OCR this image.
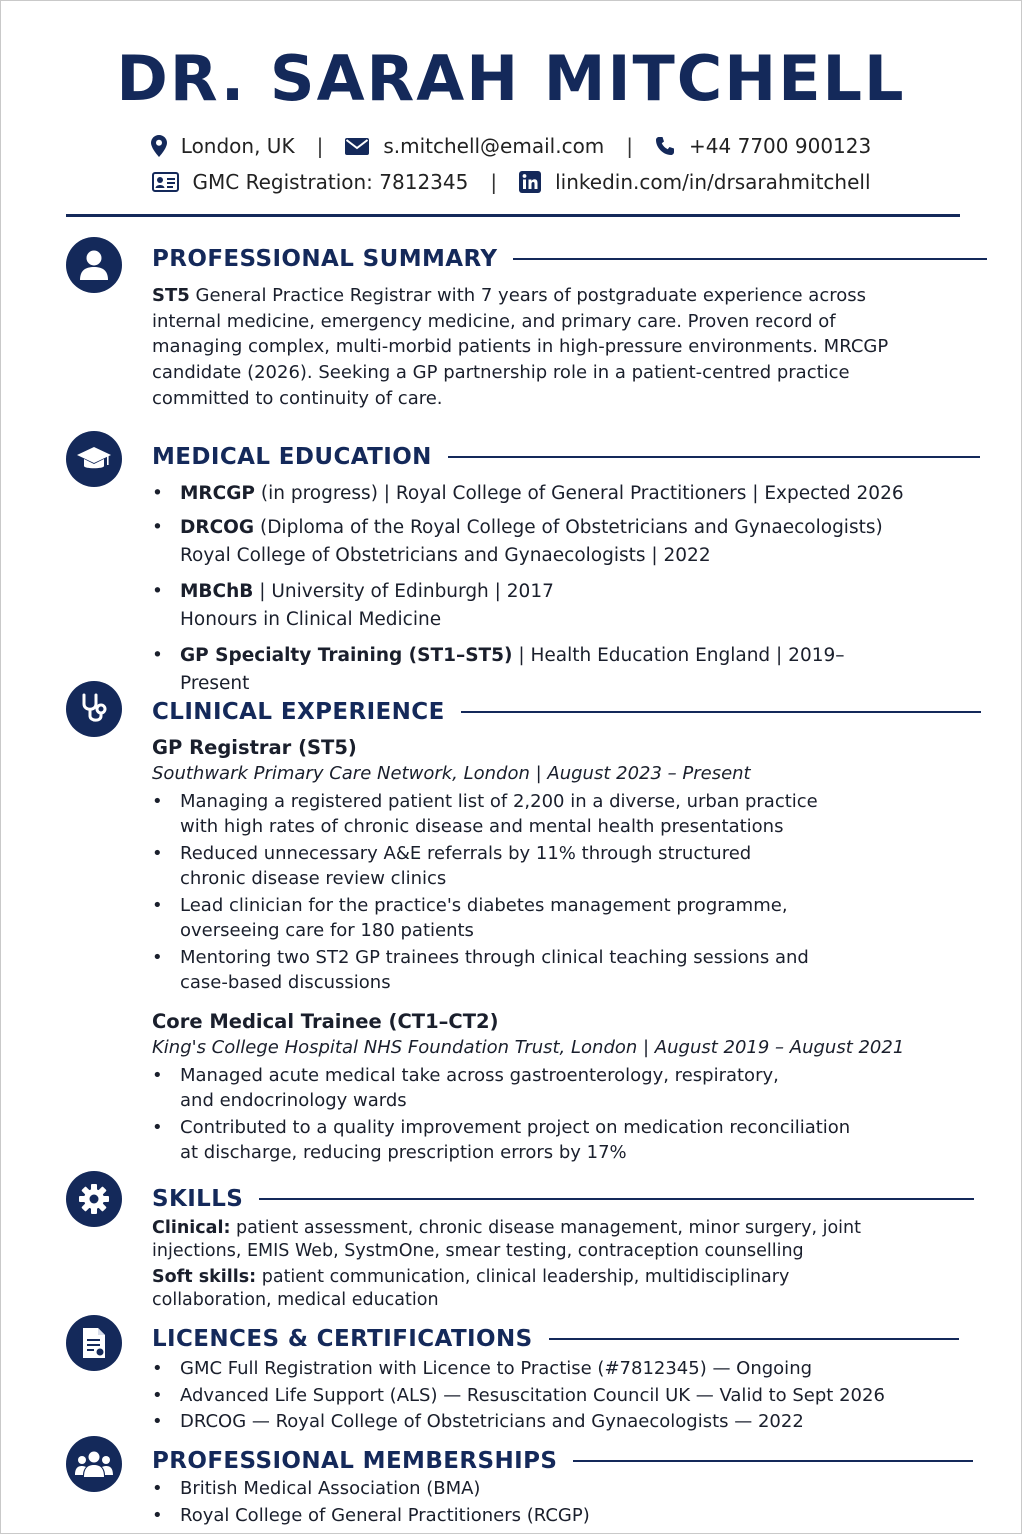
DR. SARAH MITCHELL
London, UK |	s.mitchell@email.com |	+44 7700 900123
GMC Registration: 7812345 |	linkedin.com/in/drsarahmitchell
PROFESSIONAL SUMMARY
ST5 General Practice Registrar with 7 years of postgraduate experience across internal medicine, emergency medicine, and primary care. Proven record of managing complex, multi-morbid patients in high-pressure environments. MRCGP candidate (2026). Seeking a GP partnership role in a patient-centred practice committed to continuity of care.
MEDICAL EDUCATION
• MRCGP (in progress) | Royal College of General Practitioners | Expected 2026
• DRCOG (Diploma of the Royal College of Obstetricians and Gynaecologists)
Royal College of Obstetricians and Gynaecologists | 2022
• MBChB | University of Edinburgh | 2017
Honours in Clinical Medicine
• GP Specialty Training (ST1–ST5) | Health Education England | 2019–Present
CLINICAL EXPERIENCE
GP Registrar (ST5)
Southwark Primary Care Network, London | August 2023 – Present
• Managing a registered patient list of 2,200 in a diverse, urban practice with high rates of chronic disease and mental health presentations
• Reduced unnecessary A&E referrals by 11% through structured chronic disease review clinics
• Lead clinician for the practice's diabetes management programme, overseeing care for 180 patients
• Mentoring two ST2 GP trainees through clinical teaching sessions and case-based discussions
Core Medical Trainee (CT1–CT2)
King's College Hospital NHS Foundation Trust, London | August 2019 – August 2021
• Managed acute medical take across gastroenterology, respiratory, and endocrinology wards
• Contributed to a quality improvement project on medication reconciliation at discharge, reducing prescription errors by 17%
SKILLS

Clinical: patient assessment, chronic disease management, minor surgery, joint injections, EMIS Web, SystmOne, smear testing, contraception counselling

Soft skills: patient communication, clinical leadership, multidisciplinary collaboration, medical education

LICENCES & CERTIFICATIONS
• GMC Full Registration with Licence to Practise (#7812345) — Ongoing
• Advanced Life Support (ALS) — Resuscitation Council UK — Valid to Sept 2026
• DRCOG — Royal College of Obstetricians and Gynaecologists — 2022
PROFESSIONAL MEMBERSHIPS
• British Medical Association (BMA)
• Royal College of General Practitioners (RCGP)
